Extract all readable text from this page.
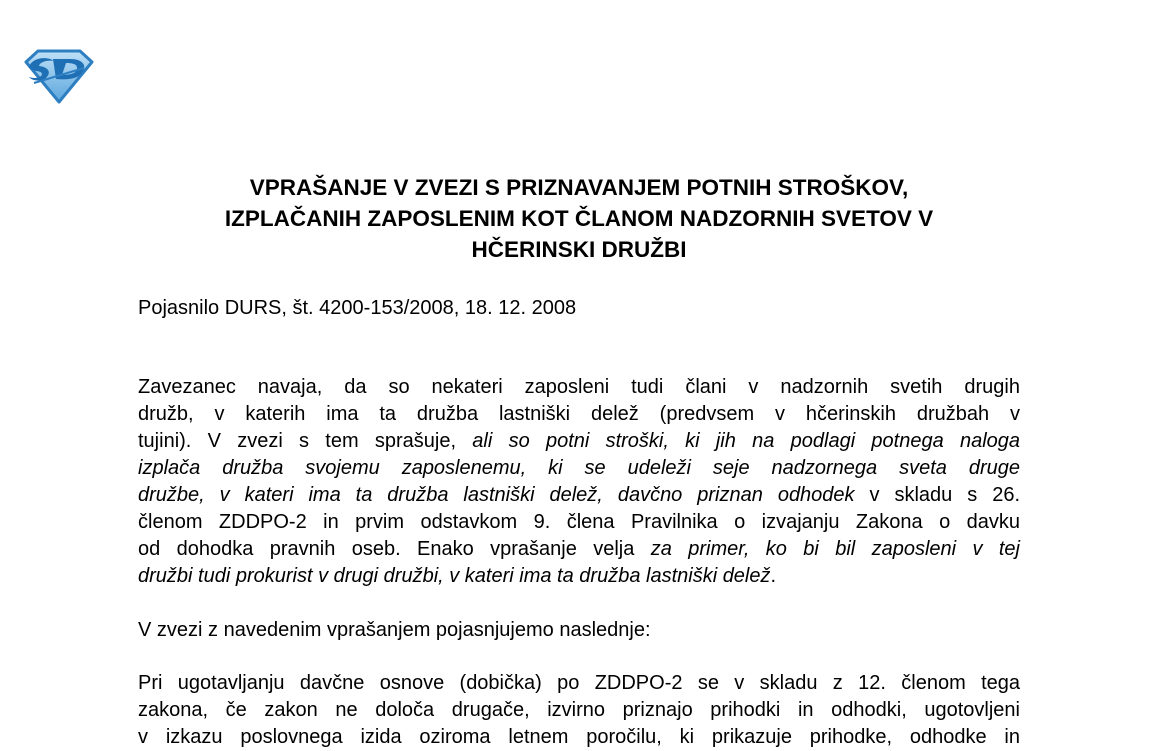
VPRAŠANJE V ZVEZI S PRIZNAVANJEM POTNIH STROŠKOV,
IZPLAČANIH ZAPOSLENIM KOT ČLANOM NADZORNIH SVETOV V
HČERINSKI DRUŽBI

Pojasnilo DURS, št. 4200-153/2008, 18. 12. 2008

Zavezanec navaja, da so nekateri zaposleni tudi člani v nadzornih svetih drugih
družb, v katerih ima ta družba lastniški delež (predvsem v hčerinskih družbah v
tujini). V zvezi s tem sprašuje, ali so potni stroški, ki jih na podlagi potnega naloga
izplača družba svojemu zaposlenemu, ki se udeleži seje nadzornega sveta druge
družbe, v kateri ima ta družba lastniški delež, davčno priznan odhodek v skladu s 26.
členom ZDDPO-2 in prvim odstavkom 9. člena Pravilnika o izvajanju Zakona o davku
od dohodka pravnih oseb. Enako vprašanje velja za primer, ko bi bil zaposleni v tej
družbi tudi prokurist v drugi družbi, v kateri ima ta družba lastniški delež.
V zvezi z navedenim vprašanjem pojasnjujemo naslednje:
Pri ugotavljanju davčne osnove (dobička) po ZDDPO-2 se v skladu z 12. členom tega
zakona, če zakon ne določa drugače, izvirno priznajo prihodki in odhodki, ugotovljeni
v izkazu poslovnega izida oziroma letnem poročilu, ki prikazuje prihodke, odhodke in
